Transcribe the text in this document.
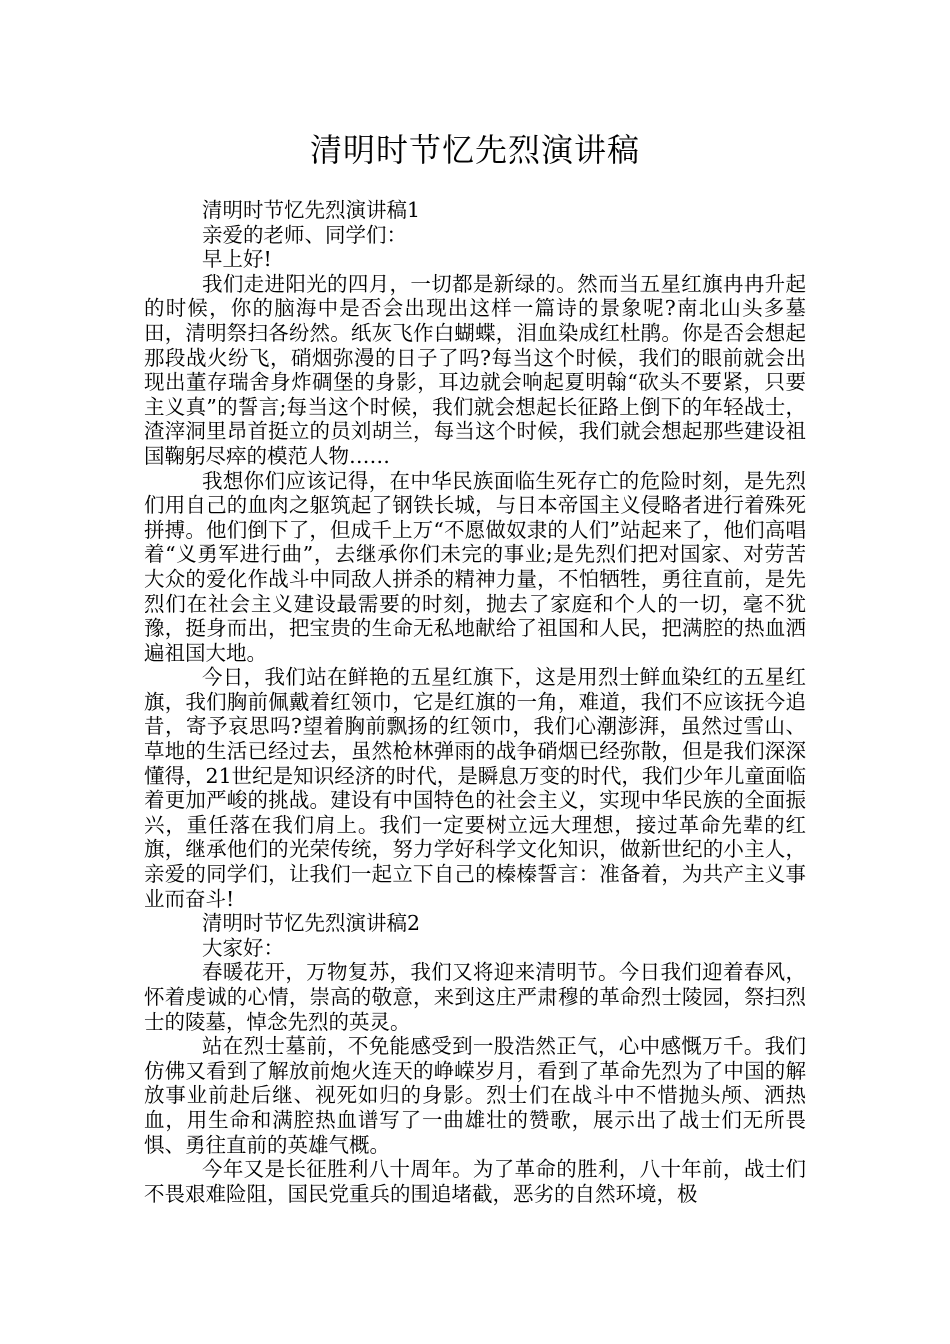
清明时节忆先烈演讲稿

清明时节忆先烈演讲稿1

亲爱的老师、同学们：

早上好!

我们走进阳光的四月，一切都是新绿的。然而当五星红旗冉冉升起的时候，你的脑海中是否会出现出这样一篇诗的景象呢?南北山头多墓田，清明祭扫各纷然。纸灰飞作白蝴蝶，泪血染成红杜鹃。你是否会想起那段战火纷飞，硝烟弥漫的日子了吗?每当这个时候，我们的眼前就会出现出董存瑞舍身炸碉堡的身影，耳边就会响起夏明翰“砍头不要紧，只要主义真”的誓言;每当这个时候，我们就会想起长征路上倒下的年轻战士，渣滓洞里昂首挺立的员刘胡兰，每当这个时候，我们就会想起那些建设祖国鞠躬尽瘁的模范人物……

我想你们应该记得，在中华民族面临生死存亡的危险时刻，是先烈们用自己的血肉之躯筑起了钢铁长城，与日本帝国主义侵略者进行着殊死拼搏。他们倒下了，但成千上万“不愿做奴隶的人们”站起来了，他们高唱着“义勇军进行曲”，去继承你们未完的事业;是先烈们把对国家、对劳苦大众的爱化作战斗中同敌人拼杀的精神力量，不怕牺牲，勇往直前，是先烈们在社会主义建设最需要的时刻，抛去了家庭和个人的一切，毫不犹豫，挺身而出，把宝贵的生命无私地献给了祖国和人民，把满腔的热血洒遍祖国大地。

今日，我们站在鲜艳的五星红旗下，这是用烈士鲜血染红的五星红旗，我们胸前佩戴着红领巾，它是红旗的一角，难道，我们不应该抚今追昔，寄予哀思吗?望着胸前飘扬的红领巾，我们心潮澎湃，虽然过雪山、草地的生活已经过去，虽然枪林弹雨的战争硝烟已经弥散，但是我们深深懂得，21世纪是知识经济的时代，是瞬息万变的时代，我们少年儿童面临着更加严峻的挑战。建设有中国特色的社会主义，实现中华民族的全面振兴，重任落在我们肩上。我们一定要树立远大理想，接过革命先辈的红旗，继承他们的光荣传统，努力学好科学文化知识，做新世纪的小主人，亲爱的同学们，让我们一起立下自己的榛榛誓言：准备着，为共产主义事业而奋斗!

清明时节忆先烈演讲稿2

大家好：

春暖花开，万物复苏，我们又将迎来清明节。今日我们迎着春风，怀着虔诚的心情，崇高的敬意，来到这庄严肃穆的革命烈士陵园，祭扫烈士的陵墓，悼念先烈的英灵。

站在烈士墓前，不免能感受到一股浩然正气，心中感慨万千。我们仿佛又看到了解放前炮火连天的峥嵘岁月，看到了革命先烈为了中国的解放事业前赴后继、视死如归的身影。烈士们在战斗中不惜抛头颅、洒热血，用生命和满腔热血谱写了一曲雄壮的赞歌，展示出了战士们无所畏惧、勇往直前的英雄气概。

今年又是长征胜利八十周年。为了革命的胜利，八十年前，战士们不畏艰难险阻，国民党重兵的围追堵截，恶劣的自然环境，极
